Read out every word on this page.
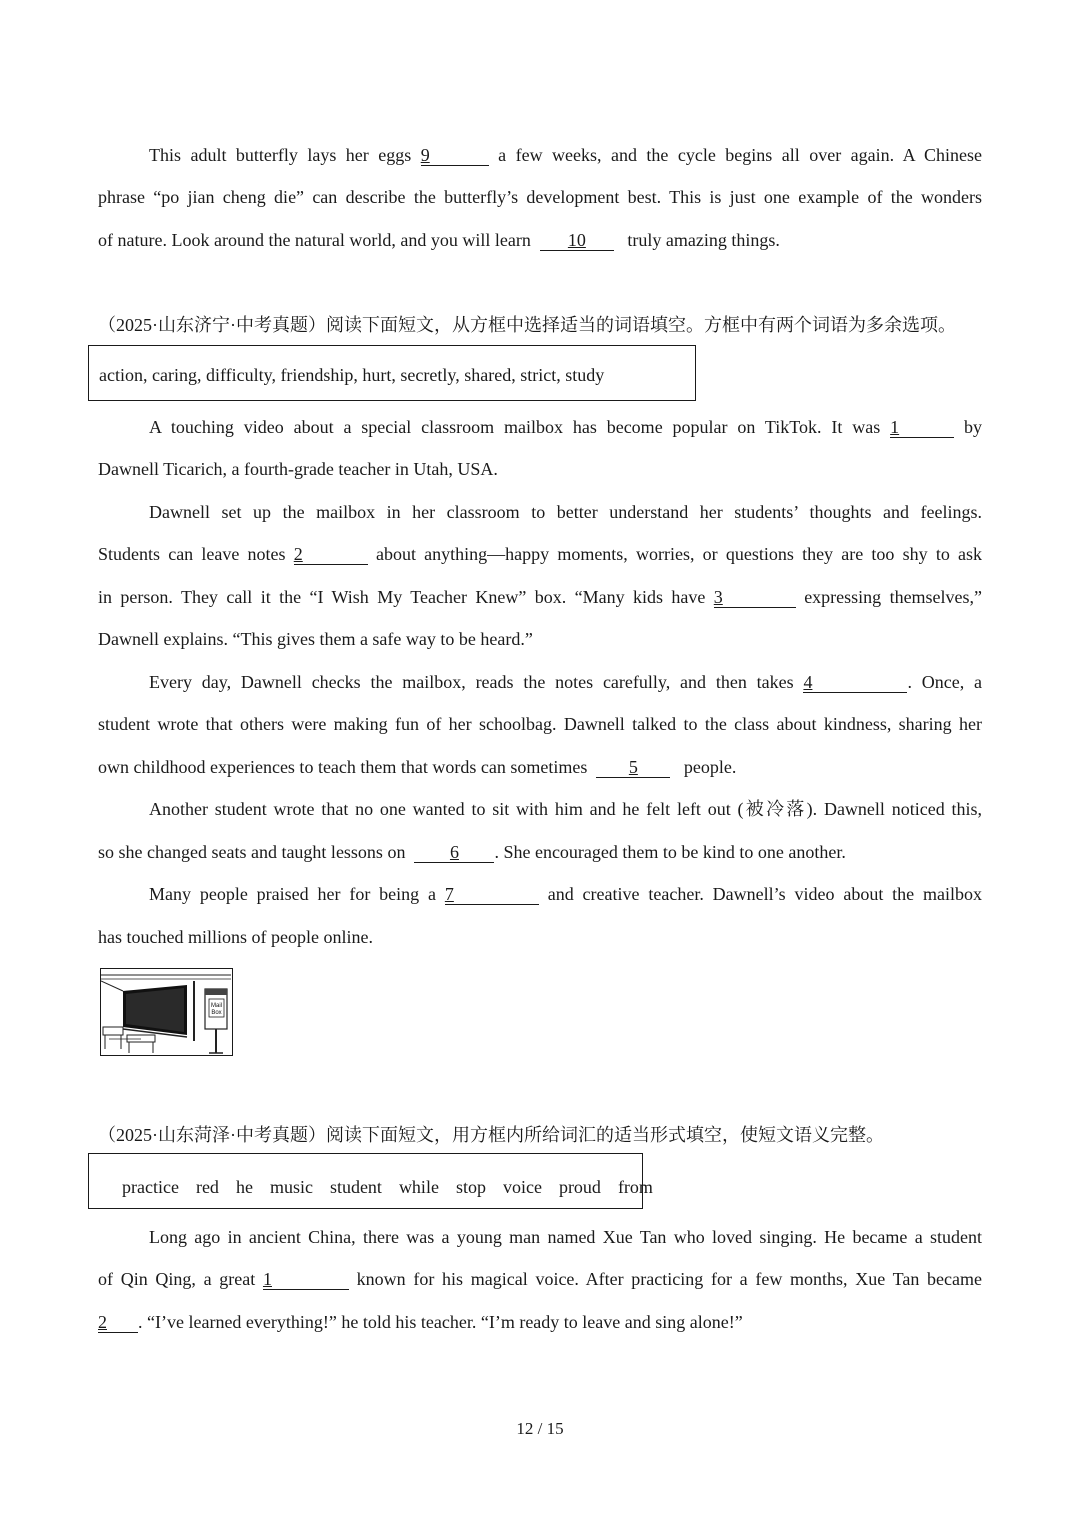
This adult butterfly lays her eggs 9	a few weeks, and the cycle begins all over again. A Chinese
phrase “po jian cheng die” can describe the butterfly’s development best. This is just one example of the wonders
of nature. Look around the natural world, and you will learn 10 truly amazing things.
（2025·山东济宁·中考真题）阅读下面短文，从方框中选择适当的词语填空。方框中有两个词语为多余选项。
action, caring, difficulty, friendship, hurt, secretly, shared, strict, study
A touching video about a special classroom mailbox has become popular on TikTok. It was 1	by
Dawnell Ticarich, a fourth-grade teacher in Utah, USA.
Dawnell set up the mailbox in her classroom to better understand her students’ thoughts and feelings.
Students can leave notes 2	about anything—happy moments, worries, or questions they are too shy to ask
in person. They call it the “I Wish My Teacher Knew” box. “Many kids have 3	expressing themselves,”
Dawnell explains. “This gives them a safe way to be heard.”
Every day, Dawnell checks the mailbox, reads the notes carefully, and then takes 4	. Once, a
student wrote that others were making fun of her schoolbag. Dawnell talked to the class about kindness, sharing her
own childhood experiences to teach them that words can sometimes 5	people.
Another student wrote that no one wanted to sit with him and he felt left out (被冷落). Dawnell noticed this,
so she changed seats and taught lessons on 6 . She encouraged them to be kind to one another.
Many people praised her for being a 7	and creative teacher. Dawnell’s video about the mailbox
has touched millions of people online.
Mail
Box
（2025·山东菏泽·中考真题）阅读下面短文，用方框内所给词汇的适当形式填空，使短文语义完整。
practice red he music student while stop voice proud from
Long ago in ancient China, there was a young man named Xue Tan who loved singing. He became a student
of Qin Qing, a great 1	known for his magical voice. After practicing for a few months, Xue Tan became
2 . “I’ve learned everything!” he told his teacher. “I’m ready to leave and sing alone!”
12 / 15
